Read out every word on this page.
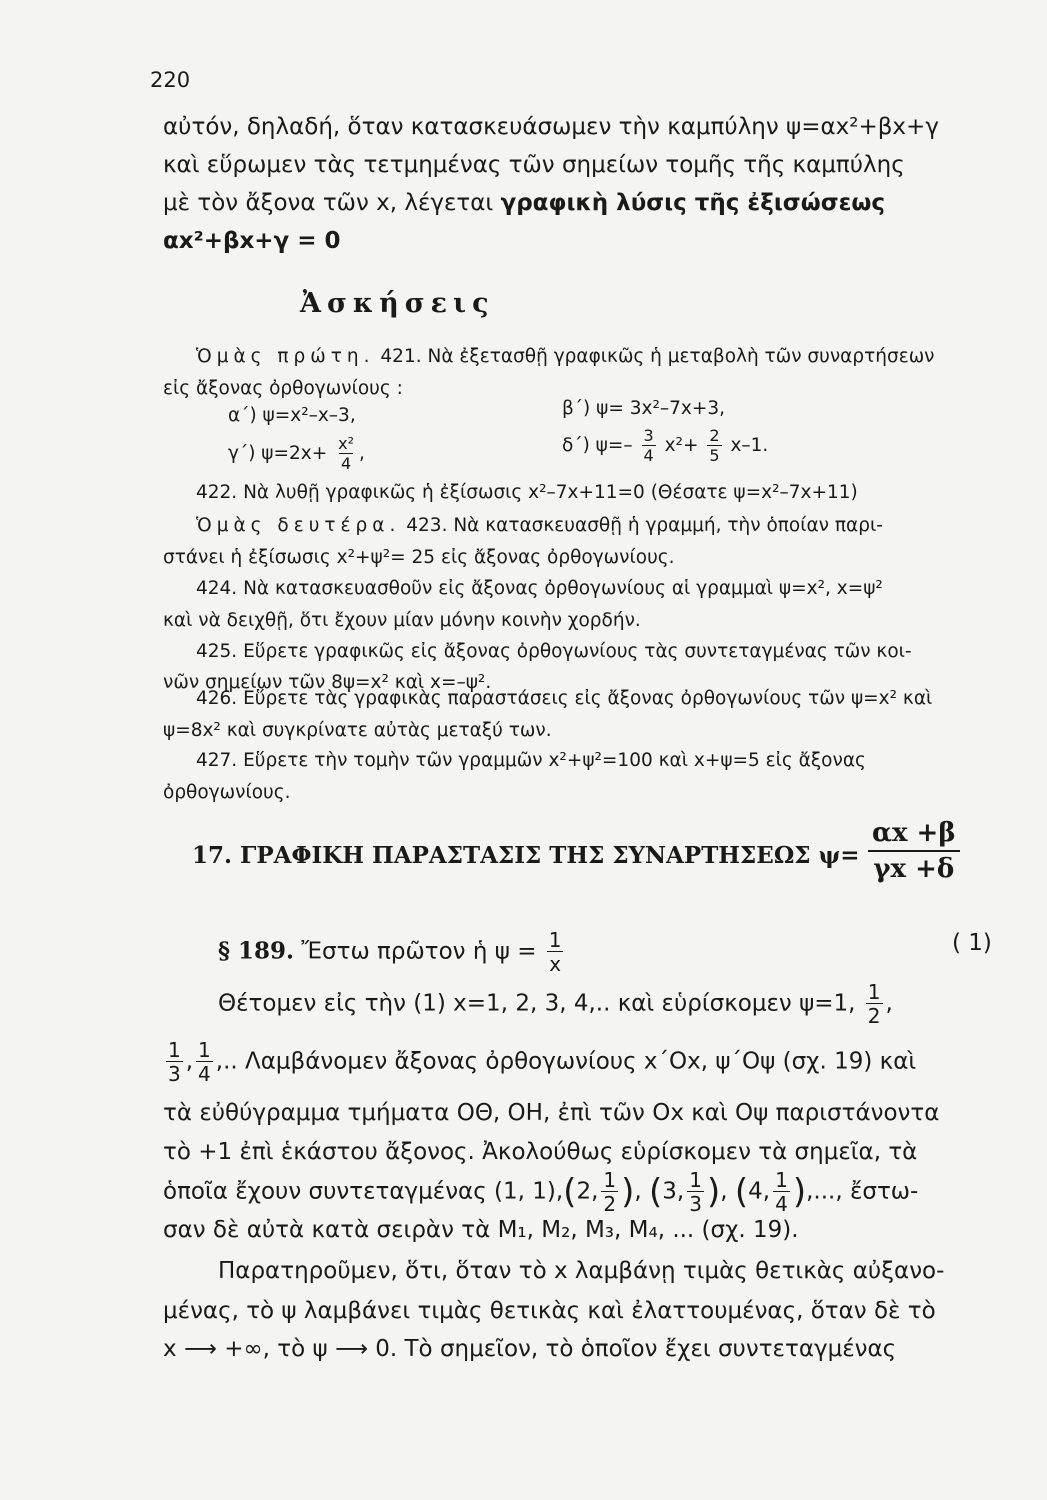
220
αὐτόν, δηλαδή, ὅταν κατασκευάσωμεν τὴν καμπύλην ψ=αx²+βx+γ
καὶ εὕρωμεν τὰς τετμημένας τῶν σημείων τομῆς τῆς καμπύλης
μὲ τὸν ἄξονα τῶν x, λέγεται γραφικὴ λύσις τῆς ἐξισώσεως
αx²+βx+γ = 0
Ἀσκήσεις
Ὁμὰς πρώτη. 421. Νὰ ἐξετασθῇ γραφικῶς ἡ μεταβολὴ τῶν συναρτήσεων
εἰς ἄξονας ὀρθογωνίους :
α΄) ψ=x²–x–3,	β΄) ψ= 3x²–7x+3,
γ΄) $\psi=2x+ \frac{\text{x²}}{4}$ ,	δ΄) $\psi=- \frac{3}{4} x^2+ \frac{2}{5} x-1$.
422. Νὰ λυθῇ γραφικῶς ἡ ἐξίσωσις x²–7x+11=0 (Θέσατε ψ=x²–7x+11)
Ὁμὰς δευτέρα. 423. Νὰ κατασκευασθῇ ἡ γραμμή, τὴν ὁποίαν παρι-
στάνει ἡ ἐξίσωσις x²+ψ²= 25 εἰς ἄξονας ὀρθογωνίους.
424. Νὰ κατασκευασθοῦν εἰς ἄξονας ὀρθογωνίους αἱ γραμμαὶ ψ=x², x=ψ²
καὶ νὰ δειχθῇ, ὅτι ἔχουν μίαν μόνην κοινὴν χορδήν.
425. Εὕρετε γραφικῶς εἰς ἄξονας ὀρθογωνίους τὰς συντεταγμένας τῶν κοι-
νῶν σημείων τῶν 8ψ=x² καὶ x=–ψ².
426. Εὕρετε τὰς γραφικὰς παραστάσεις εἰς ἄξονας ὀρθογωνίους τῶν ψ=x² καὶ
ψ=8x² καὶ συγκρίνατε αὐτὰς μεταξύ των.
427. Εὕρετε τὴν τομὴν τῶν γραμμῶν x²+ψ²=100 καὶ x+ψ=5 εἰς ἄξονας
ὀρθογωνίους.
17. ΓΡΑΦΙΚΗ ΠΑΡΑΣΤΑΣΙΣ ΤΗΣ ΣΥΝΑΡΤΗΣΕΩΣ $\psi= \frac{\alpha x +\beta}{\gamma x +\delta}$
§ 189. Ἔστω πρῶτον ἡ $\psi = \frac{1}{x}$	( 1)
Θέτομεν εἰς τὴν (1) x=1, 2, 3, 4,.. καὶ εὑρίσκομεν ψ=1, $\frac{1}{2}$ ,
$\frac{1}{3}$ , $\frac{1}{4}$ ,.. Λαμβάνομεν ἄξονας ὀρθογωνίους x΄Ox, ψ΄Oψ (σχ. 19) καὶ
τὰ εὐθύγραμμα τμήματα ΟΘ, ΟΗ, ἐπὶ τῶν Ox καὶ Oψ παριστάνοντα
τὸ +1 ἐπὶ ἑκάστου ἄξονος. Ἀκολούθως εὑρίσκομεν τὰ σημεῖα, τὰ
ὁποῖα ἔχουν συντεταγμένας (1, 1),(2, $\frac{1}{2}$ ), (3, $\frac{1}{3}$ ), (4, $\frac{1}{4}$ ),..., ἔστω-
σαν δὲ αὐτὰ κατὰ σειρὰν τὰ M₁, M₂, M₃, M₄, ... (σχ. 19).
Παρατηροῦμεν, ὅτι, ὅταν τὸ x λαμβάνῃ τιμὰς θετικὰς αὐξανο-
μένας, τὸ ψ λαμβάνει τιμὰς θετικὰς καὶ ἐλαττουμένας, ὅταν δὲ τὸ
x ⟶ +∞, τὸ ψ ⟶ 0. Τὸ σημεῖον, τὸ ὁποῖον ἔχει συντεταγμένας
